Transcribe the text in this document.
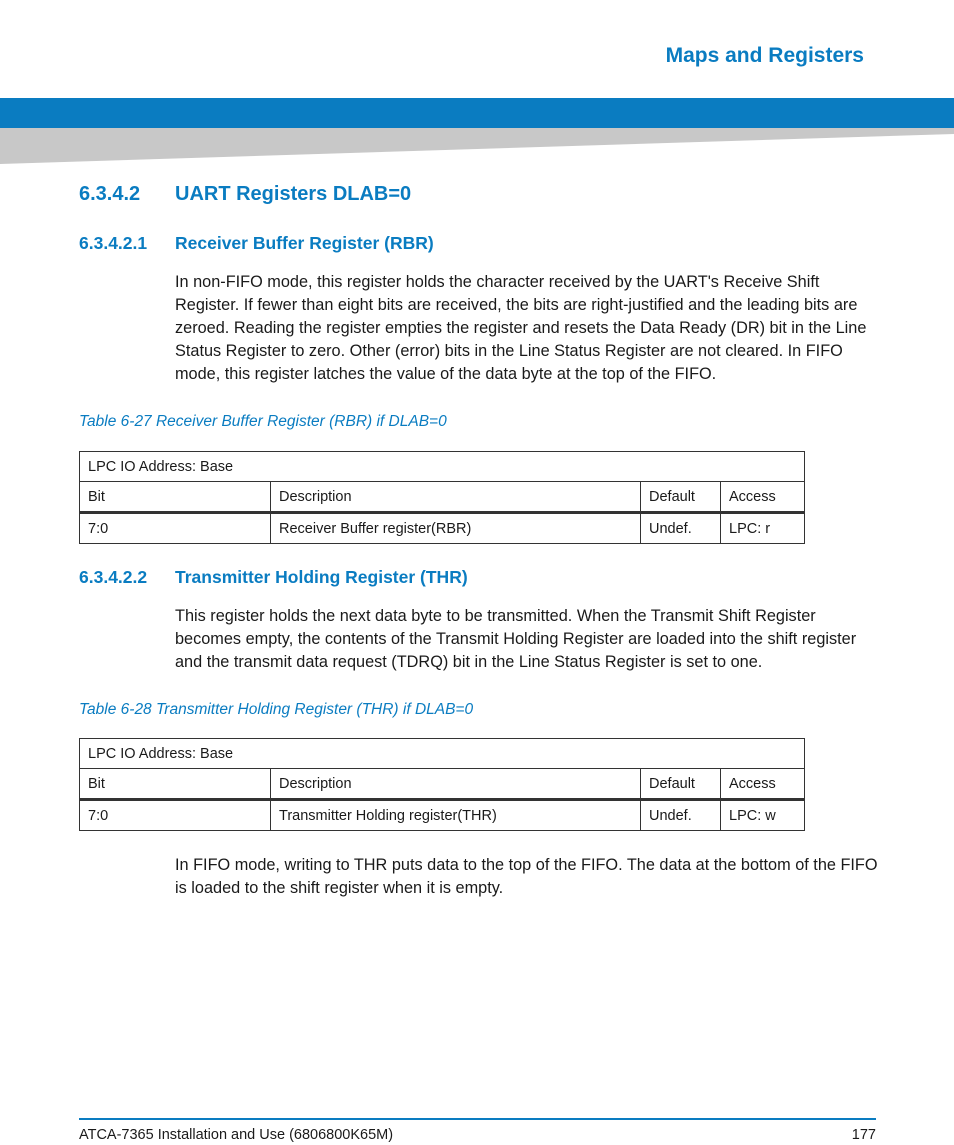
Maps and Registers
6.3.4.2 UART Registers DLAB=0
6.3.4.2.1 Receiver Buffer Register (RBR)
In non-FIFO mode, this register holds the character received by the UART's Receive Shift Register. If fewer than eight bits are received, the bits are right-justified and the leading bits are zeroed. Reading the register empties the register and resets the Data Ready (DR) bit in the Line Status Register to zero. Other (error) bits in the Line Status Register are not cleared. In FIFO mode, this register latches the value of the data byte at the top of the FIFO.
Table 6-27 Receiver Buffer Register (RBR) if DLAB=0
LPC IO Address: Base			
Bit	Description	Default	Access
7:0	Receiver Buffer register(RBR)	Undef.	LPC: r
6.3.4.2.2 Transmitter Holding Register (THR)
This register holds the next data byte to be transmitted. When the Transmit Shift Register becomes empty, the contents of the Transmit Holding Register are loaded into the shift register and the transmit data request (TDRQ) bit in the Line Status Register is set to one.
Table 6-28 Transmitter Holding Register (THR) if DLAB=0
LPC IO Address: Base			
Bit	Description	Default	Access
7:0	Transmitter Holding register(THR)	Undef.	LPC: w
In FIFO mode, writing to THR puts data to the top of the FIFO. The data at the bottom of the FIFO is loaded to the shift register when it is empty.
ATCA-7365 Installation and Use (6806800K65M)	177
